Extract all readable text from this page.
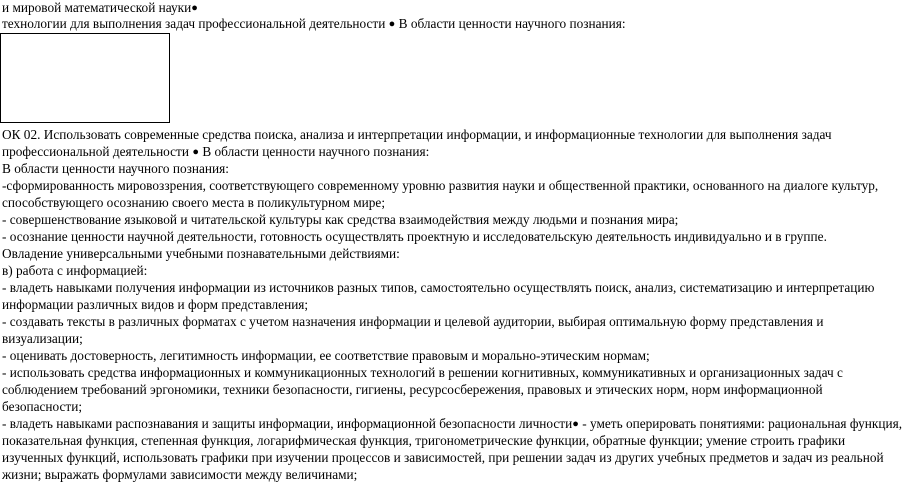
и мировой математической науки●
технологии для выполнения задач профессиональной деятельности ● В области ценности научного познания:
ОК 02. Использовать современные средства поиска, анализа и интерпретации информации, и информационные технологии для выполнения задач
профессиональной деятельности ● В области ценности научного познания:
В области ценности научного познания:
-сформированность мировоззрения, соответствующего современному уровню развития науки и общественной практики, основанного на диалоге культур,
способствующего осознанию своего места в поликультурном мире;
- совершенствование языковой и читательской культуры как средства взаимодействия между людьми и познания мира;
- осознание ценности научной деятельности, готовность осуществлять проектную и исследовательскую деятельность индивидуально и в группе.
Овладение универсальными учебными познавательными действиями:
в) работа с информацией:
- владеть навыками получения информации из источников разных типов, самостоятельно осуществлять поиск, анализ, систематизацию и интерпретацию
информации различных видов и форм представления;
- создавать тексты в различных форматах с учетом назначения информации и целевой аудитории, выбирая оптимальную форму представления и
визуализации;
- оценивать достоверность, легитимность информации, ее соответствие правовым и морально-этическим нормам;
- использовать средства информационных и коммуникационных технологий в решении когнитивных, коммуникативных и организационных задач с
соблюдением требований эргономики, техники безопасности, гигиены, ресурсосбережения, правовых и этических норм, норм информационной
безопасности;
- владеть навыками распознавания и защиты информации, информационной безопасности личности● - уметь оперировать понятиями: рациональная функция,
показательная функция, степенная функция, логарифмическая функция, тригонометрические функции, обратные функции; умение строить графики
изученных функций, использовать графики при изучении процессов и зависимостей, при решении задач из других учебных предметов и задач из реальной
жизни; выражать формулами зависимости между величинами;
